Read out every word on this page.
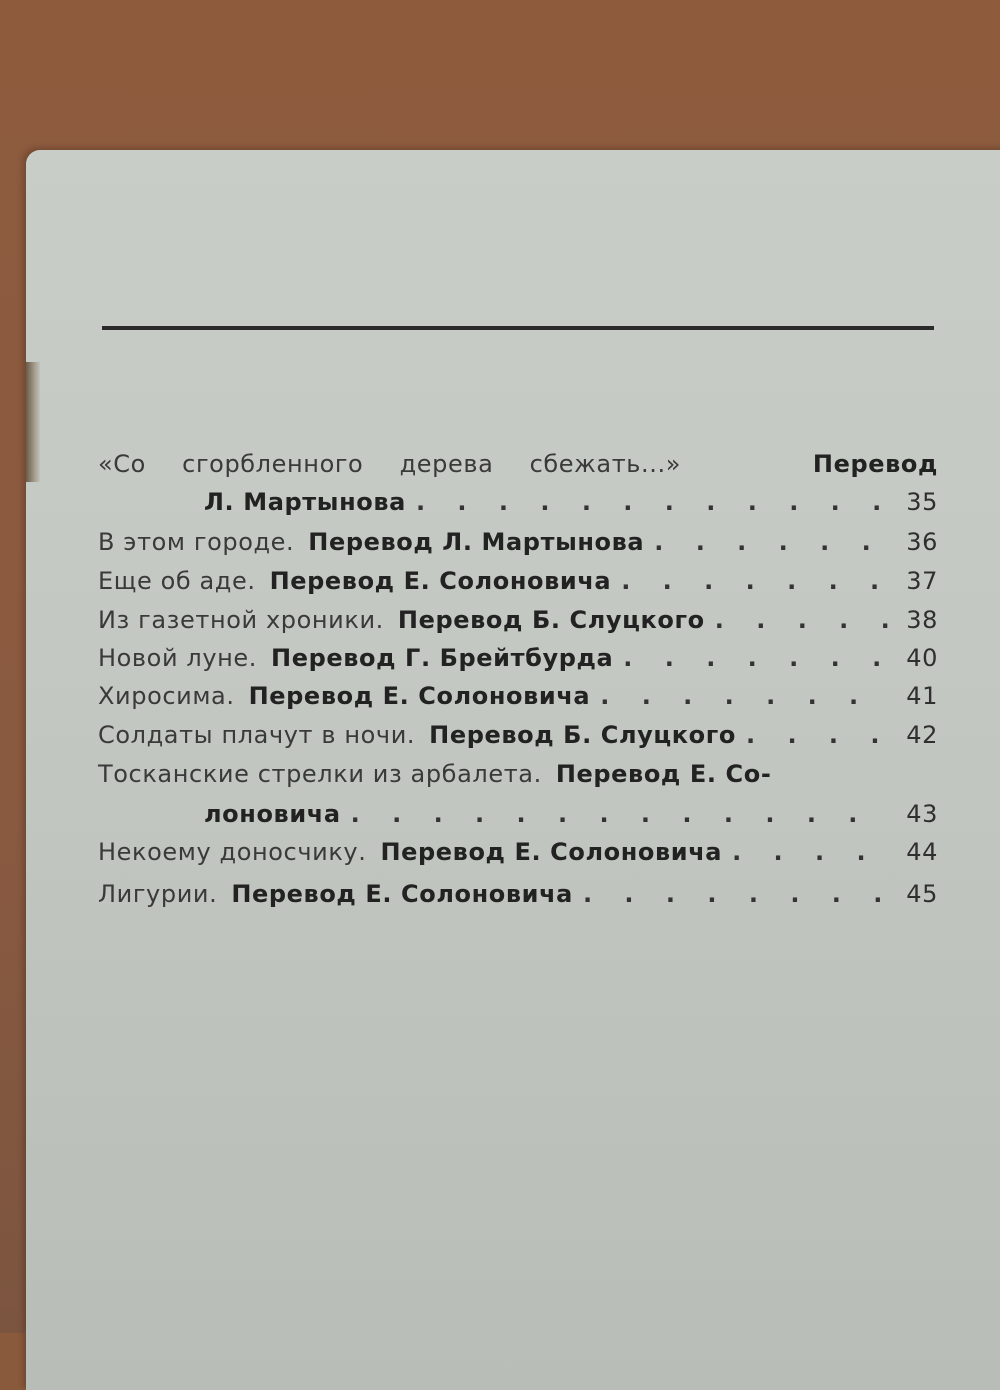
«Со сгорбленного дерева сбежать...»	Перевод
Л. Мартынова . . .	35
В этом городе. Перевод Л. Мартынова . . .	36
Еще об аде. Перевод Е. Солоновича . . .	37
Из газетной хроники. Перевод Б. Слуцкого . . .	38
Новой луне. Перевод Г. Брейтбурда . . .	40
Хиросима. Перевод Е. Солоновича . . .	41
Солдаты плачут в ночи. Перевод Б. Слуцкого . . .	42
Тосканские стрелки из арбалета. Перевод Е. Со-
лоновича . . .	43
Некоему доносчику. Перевод Е. Солоновича . . .	44
Лигурии. Перевод Е. Солоновича . . .	45
